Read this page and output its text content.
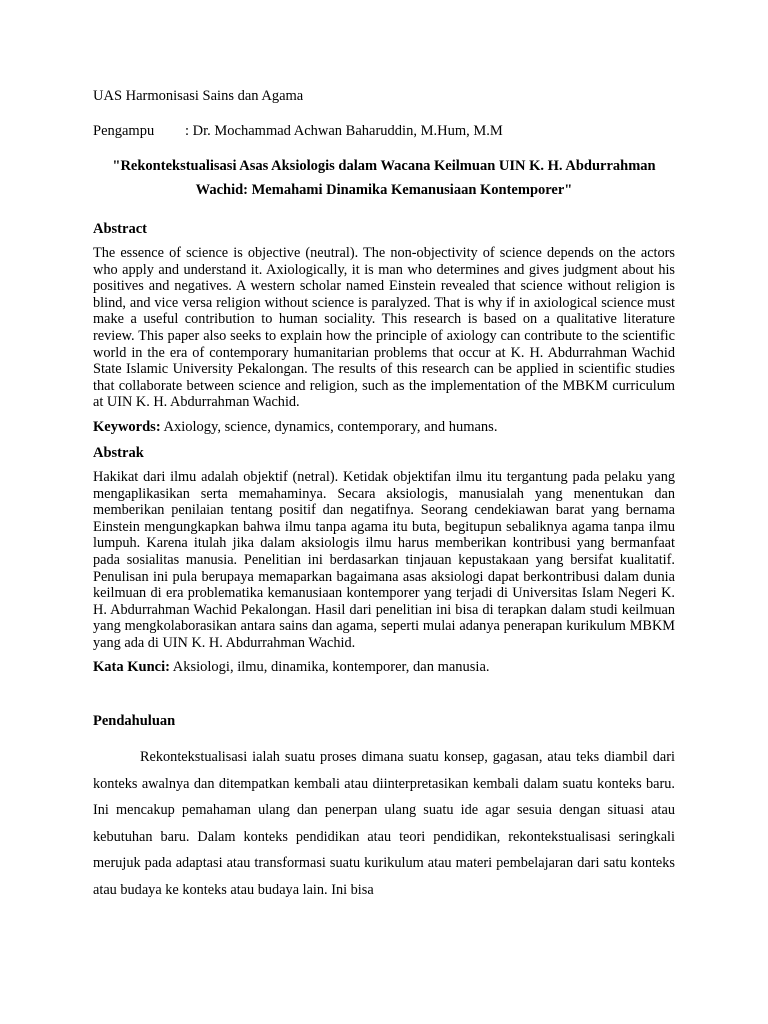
UAS Harmonisasi Sains dan Agama

Pengampu	: Dr. Mochammad Achwan Baharuddin, M.Hum, M.M
"Rekontekstualisasi Asas Aksiologis dalam Wacana Keilmuan UIN K. H. Abdurrahman
Wachid: Memahami Dinamika Kemanusiaan Kontemporer"

Abstract

The essence of science is objective (neutral). The non-objectivity of science depends on the actors who apply and understand it. Axiologically, it is man who determines and gives judgment about his positives and negatives. A western scholar named Einstein revealed that science without religion is blind, and vice versa religion without science is paralyzed. That is why if in axiological science must make a useful contribution to human sociality. This research is based on a qualitative literature review. This paper also seeks to explain how the principle of axiology can contribute to the scientific world in the era of contemporary humanitarian problems that occur at K. H. Abdurrahman Wachid State Islamic University Pekalongan. The results of this research can be applied in scientific studies that collaborate between science and religion, such as the implementation of the MBKM curriculum at UIN K. H. Abdurrahman Wachid.

Keywords: Axiology, science, dynamics, contemporary, and humans.

Abstrak

Hakikat dari ilmu adalah objektif (netral). Ketidak objektifan ilmu itu tergantung pada pelaku yang mengaplikasikan serta memahaminya. Secara aksiologis, manusialah yang menentukan dan memberikan penilaian tentang positif dan negatifnya. Seorang cendekiawan barat yang bernama Einstein mengungkapkan bahwa ilmu tanpa agama itu buta, begitupun sebaliknya agama tanpa ilmu lumpuh. Karena itulah jika dalam aksiologis ilmu harus memberikan kontribusi yang bermanfaat pada sosialitas manusia. Penelitian ini berdasarkan tinjauan kepustakaan yang bersifat kualitatif. Penulisan ini pula berupaya memaparkan bagaimana asas aksiologi dapat berkontribusi dalam dunia keilmuan di era problematika kemanusiaan kontemporer yang terjadi di Universitas Islam Negeri K. H. Abdurrahman Wachid Pekalongan. Hasil dari penelitian ini bisa di terapkan dalam studi keilmuan yang mengkolaborasikan antara sains dan agama, seperti mulai adanya penerapan kurikulum MBKM yang ada di UIN K. H. Abdurrahman Wachid.

Kata Kunci: Aksiologi, ilmu, dinamika, kontemporer, dan manusia.

Pendahuluan

Rekontekstualisasi ialah suatu proses dimana suatu konsep, gagasan, atau teks diambil dari konteks awalnya dan ditempatkan kembali atau diinterpretasikan kembali dalam suatu konteks baru. Ini mencakup pemahaman ulang dan penerpan ulang suatu ide agar sesuia dengan situasi atau kebutuhan baru. Dalam konteks pendidikan atau teori pendidikan, rekontekstualisasi seringkali merujuk pada adaptasi atau transformasi suatu kurikulum atau materi pembelajaran dari satu konteks atau budaya ke konteks atau budaya lain. Ini bisa
